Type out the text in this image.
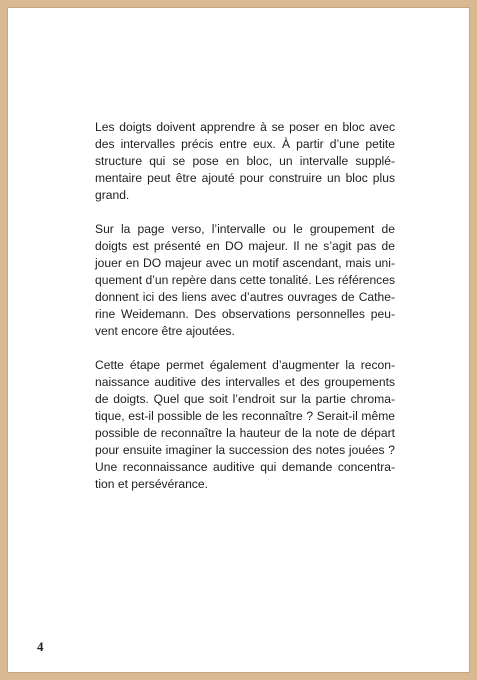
Les doigts doivent apprendre à se poser en bloc avec
des intervalles précis entre eux. À partir d’une petite
structure qui se pose en bloc, un intervalle supplé-
mentaire peut être ajouté pour construire un bloc plus
grand.

Sur la page verso, l’intervalle ou le groupement de
doigts est présenté en DO majeur. Il ne s’agit pas de
jouer en DO majeur avec un motif ascendant, mais uni-
quement d’un repère dans cette tonalité. Les références
donnent ici des liens avec d’autres ouvrages de Cathe-
rine Weidemann. Des observations personnelles peu-
vent encore être ajoutées.

Cette étape permet également d’augmenter la recon-
naissance auditive des intervalles et des groupements
de doigts. Quel que soit l’endroit sur la partie chroma-
tique, est-il possible de les reconnaître ? Serait-il même
possible de reconnaître la hauteur de la note de départ
pour ensuite imaginer la succession des notes jouées ?
Une reconnaissance auditive qui demande concentra-
tion et persévérance.

4
